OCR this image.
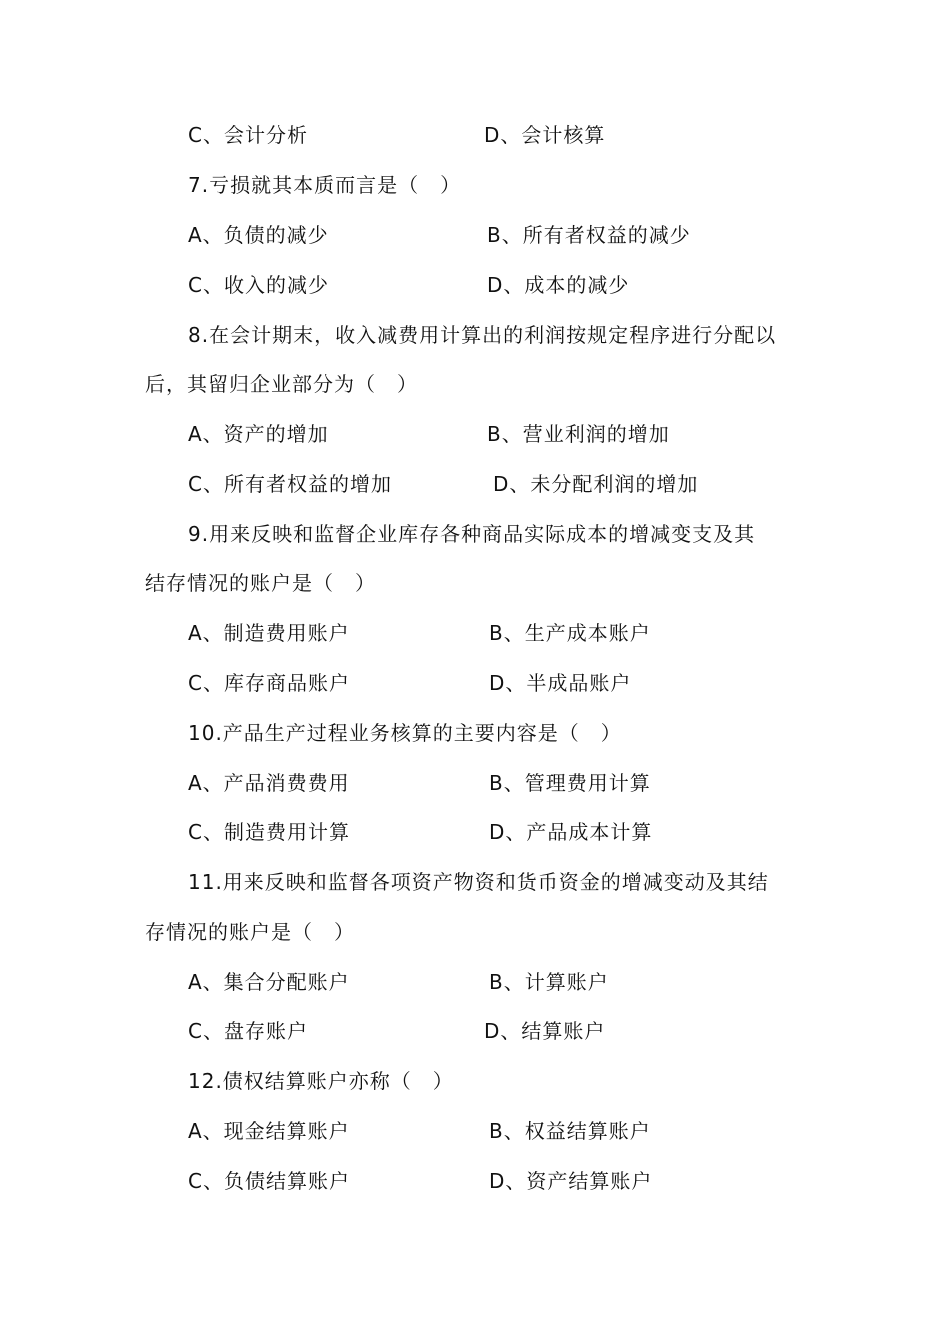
C、会计分析	D、会计核算
7.亏损就其本质而言是（　）
A、负债的减少	B、所有者权益的减少
C、收入的减少	D、成本的减少
8.在会计期末，收入减费用计算出的利润按规定程序进行分配以
后，其留归企业部分为（　）
A、资产的增加	B、营业利润的增加
C、所有者权益的增加	D、未分配利润的增加
9.用来反映和监督企业库存各种商品实际成本的增减变支及其
结存情况的账户是（　）
A、制造费用账户	B、生产成本账户
C、库存商品账户	D、半成品账户
10.产品生产过程业务核算的主要内容是（　）
A、产品消费费用	B、管理费用计算
C、制造费用计算	D、产品成本计算
11.用来反映和监督各项资产物资和货币资金的增减变动及其结
存情况的账户是（　）
A、集合分配账户	B、计算账户
C、盘存账户	D、结算账户
12.债权结算账户亦称（　）
A、现金结算账户	B、权益结算账户
C、负债结算账户	D、资产结算账户
